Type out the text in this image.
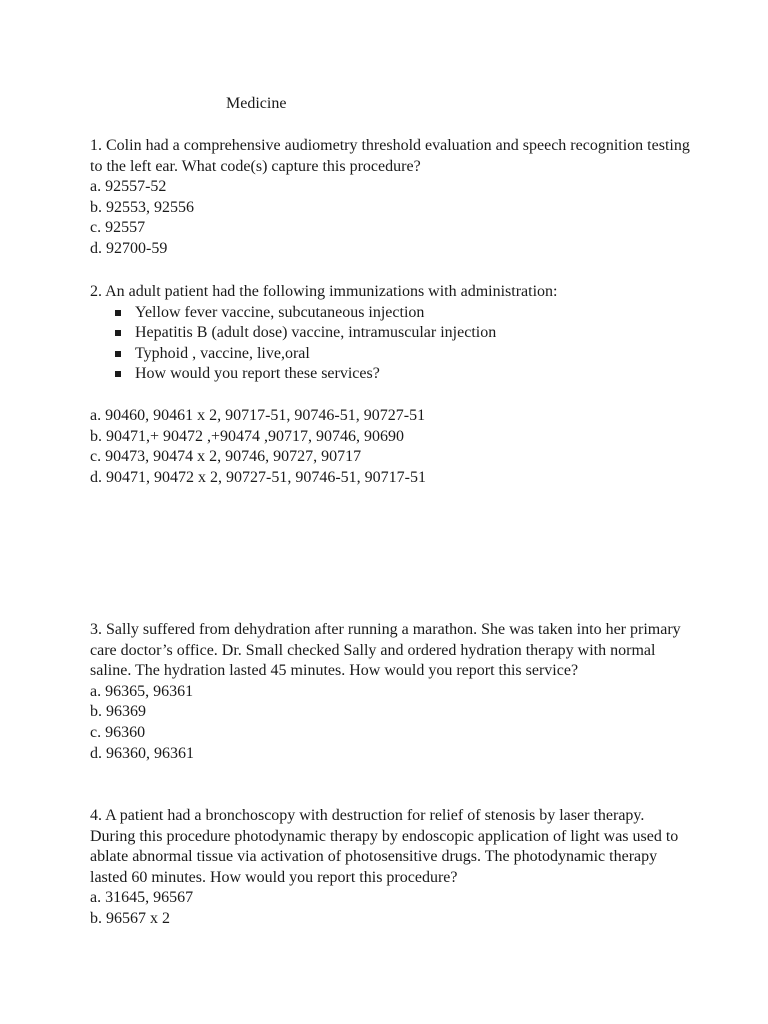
Medicine

1. Colin had a comprehensive audiometry threshold evaluation and speech recognition testing to the left ear. What code(s) capture this procedure?

a. 92557-52

b. 92553, 92556

c. 92557

d. 92700-59

2. An adult patient had the following immunizations with administration:

Yellow fever vaccine, subcutaneous injection
Hepatitis B (adult dose) vaccine, intramuscular injection
Typhoid , vaccine, live,oral
How would you report these services?

a. 90460, 90461 x 2, 90717-51, 90746-51, 90727-51

b. 90471,+ 90472 ,+90474 ,90717, 90746, 90690

c. 90473, 90474 x 2, 90746, 90727, 90717

d. 90471, 90472 x 2, 90727-51, 90746-51, 90717-51

3. Sally suffered from dehydration after running a marathon. She was taken into her primary care doctor’s office. Dr. Small checked Sally and ordered hydration therapy with normal saline. The hydration lasted 45 minutes. How would you report this service?

a. 96365, 96361

b. 96369

c. 96360

d. 96360, 96361

4. A patient had a bronchoscopy with destruction for relief of stenosis by laser therapy. During this procedure photodynamic therapy by endoscopic application of light was used to ablate abnormal tissue via activation of photosensitive drugs. The photodynamic therapy lasted 60 minutes. How would you report this procedure?

a. 31645, 96567

b. 96567 x 2
